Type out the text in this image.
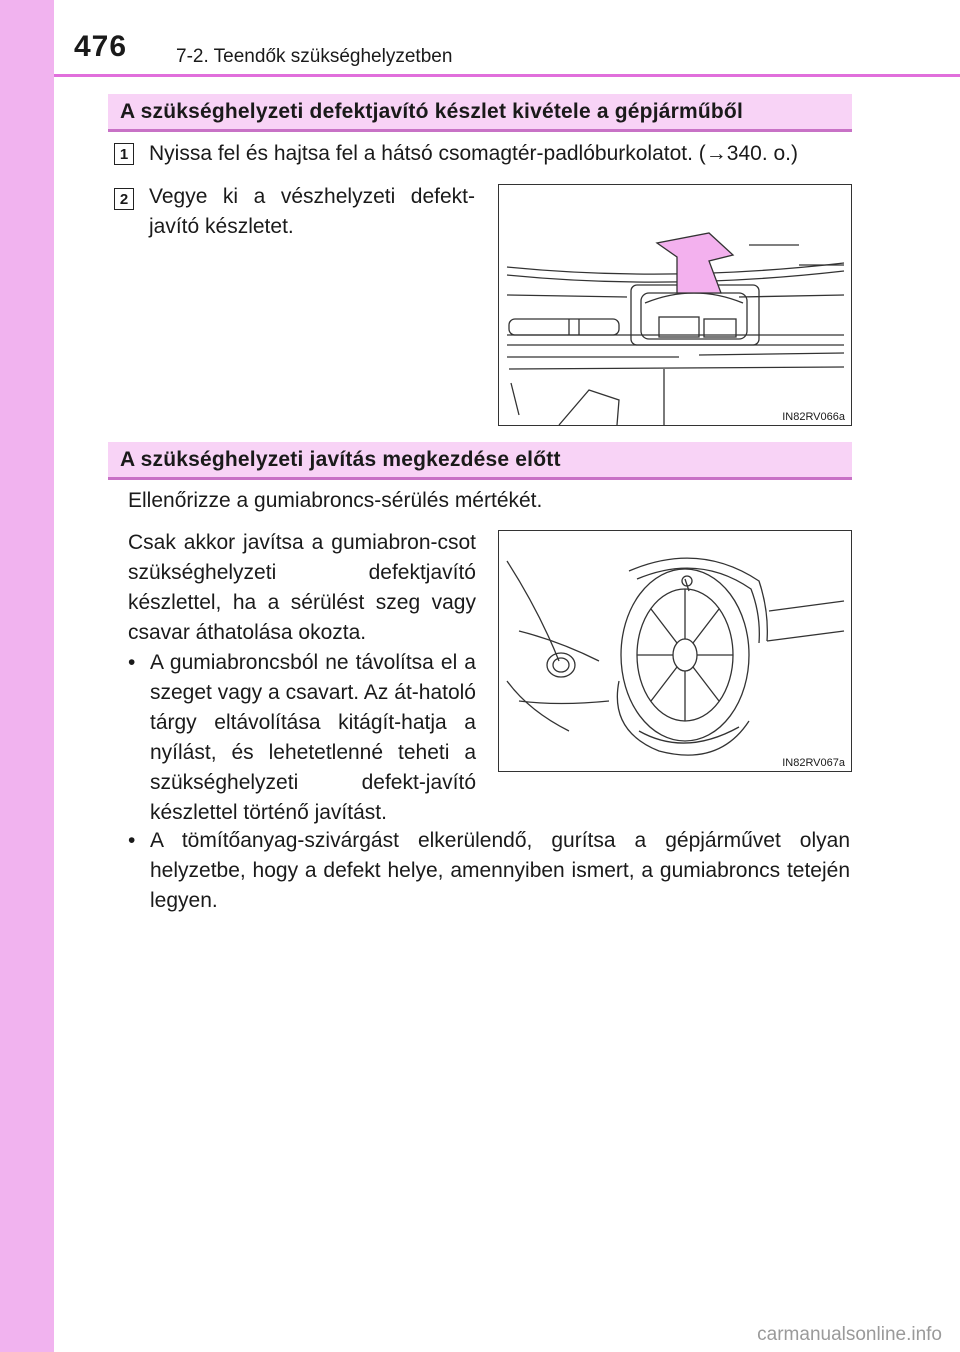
476	7-2. Teendők szükséghelyzetben
A szükséghelyzeti defektjavító készlet kivétele a gépjárműből
1 Nyissa fel és hajtsa fel a hátsó csomagtér-padlóburkolatot. (→340. o.)
2 Vegye ki a vészhelyzeti defekt-javító készletet.
IN82RV066a
A szükséghelyzeti javítás megkezdése előtt
Ellenőrizze a gumiabroncs-sérülés mértékét.
Csak akkor javítsa a gumiabron-csot szükséghelyzeti defektjavító készlettel, ha a sérülést szeg vagy csavar áthatolása okozta.
• A gumiabroncsból ne távolítsa el a szeget vagy a csavart. Az át-hatoló tárgy eltávolítása kitágít-hatja a nyílást, és lehetetlenné teheti a szükséghelyzeti defekt-javító készlettel történő javítást.
• A tömítőanyag-szivárgást elkerülendő, gurítsa a gépjárművet olyan helyzetbe, hogy a defekt helye, amennyiben ismert, a gumiabroncs tetején legyen.
IN82RV067a
carmanualsonline.info
